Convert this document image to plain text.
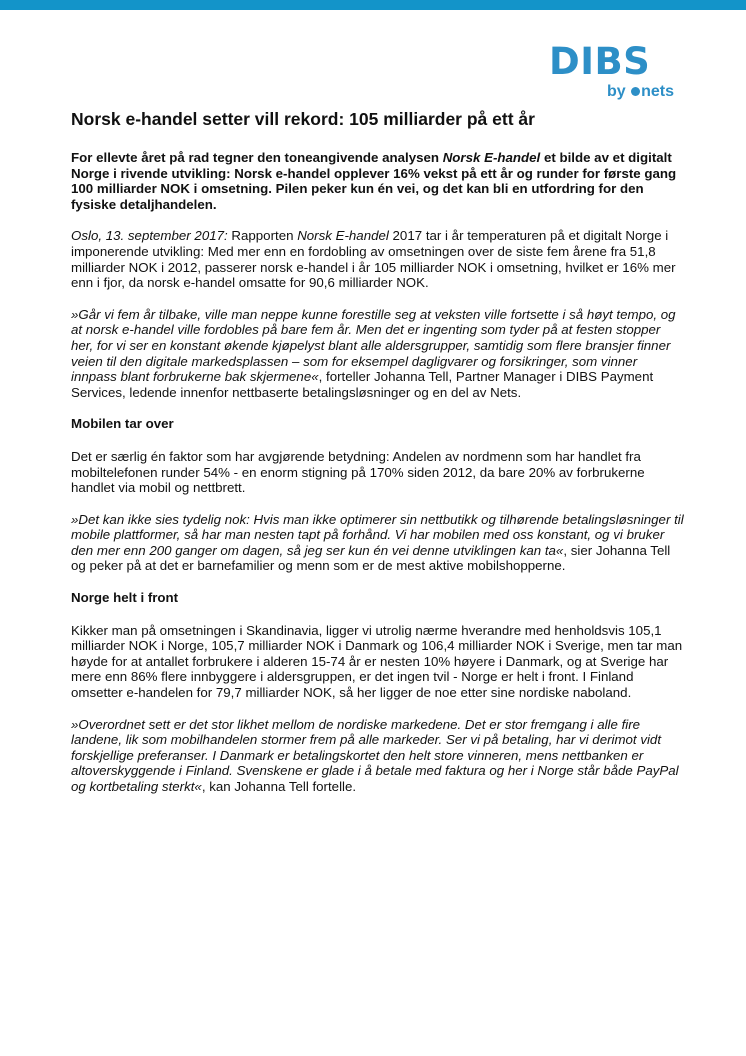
DIBS
by nets
Norsk e-handel setter vill rekord: 105 milliarder på ett år

For ellevte året på rad tegner den toneangivende analysen Norsk E-handel et bilde av et digitalt Norge i rivende utvikling: Norsk e-handel opplever 16% vekst på ett år og runder for første gang 100 milliarder NOK i omsetning. Pilen peker kun én vei, og det kan bli en utfordring for den fysiske detaljhandelen.

Oslo, 13. september 2017: Rapporten Norsk E-handel 2017 tar i år temperaturen på et digitalt Norge i imponerende utvikling: Med mer enn en fordobling av omsetningen over de siste fem årene fra 51,8 milliarder NOK i 2012, passerer norsk e-handel i år 105 milliarder NOK i omsetning, hvilket er 16% mer enn i fjor, da norsk e-handel omsatte for 90,6 milliarder NOK.

»Går vi fem år tilbake, ville man neppe kunne forestille seg at veksten ville fortsette i så høyt tempo, og at norsk e-handel ville fordobles på bare fem år. Men det er ingenting som tyder på at festen stopper her, for vi ser en konstant økende kjøpelyst blant alle aldersgrupper, samtidig som flere bransjer finner veien til den digitale markedsplassen – som for eksempel dagligvarer og forsikringer, som vinner innpass blant forbrukerne bak skjermene«, forteller Johanna Tell, Partner Manager i DIBS Payment Services, ledende innenfor nettbaserte betalingsløsninger og en del av Nets.

Mobilen tar over

Det er særlig én faktor som har avgjørende betydning: Andelen av nordmenn som har handlet fra mobiltelefonen runder 54% - en enorm stigning på 170% siden 2012, da bare 20% av forbrukerne handlet via mobil og nettbrett.

»Det kan ikke sies tydelig nok: Hvis man ikke optimerer sin nettbutikk og tilhørende betalingsløsninger til mobile plattformer, så har man nesten tapt på forhånd. Vi har mobilen med oss konstant, og vi bruker den mer enn 200 ganger om dagen, så jeg ser kun én vei denne utviklingen kan ta«, sier Johanna Tell
og peker på at det er barnefamilier og menn som er de mest aktive mobilshopperne.

Norge helt i front

Kikker man på omsetningen i Skandinavia, ligger vi utrolig nærme hverandre med henholdsvis 105,1 milliarder NOK i Norge, 105,7 milliarder NOK i Danmark og 106,4 milliarder NOK i Sverige, men tar man høyde for at antallet forbrukere i alderen 15-74 år er nesten 10% høyere i Danmark, og at Sverige har mere enn 86% flere innbyggere i aldersgruppen, er det ingen tvil - Norge er helt i front. I Finland omsetter e-handelen for 79,7 milliarder NOK, så her ligger de noe etter sine nordiske naboland.

»Overordnet sett er det stor likhet mellom de nordiske markedene. Det er stor fremgang i alle fire landene, lik som mobilhandelen stormer frem på alle markeder. Ser vi på betaling, har vi derimot vidt forskjellige preferanser. I Danmark er betalingskortet den helt store vinneren, mens nettbanken er altoverskyggende i Finland. Svenskene er glade i å betale med faktura og her i Norge står både PayPal og kortbetaling sterkt«, kan Johanna Tell fortelle.
